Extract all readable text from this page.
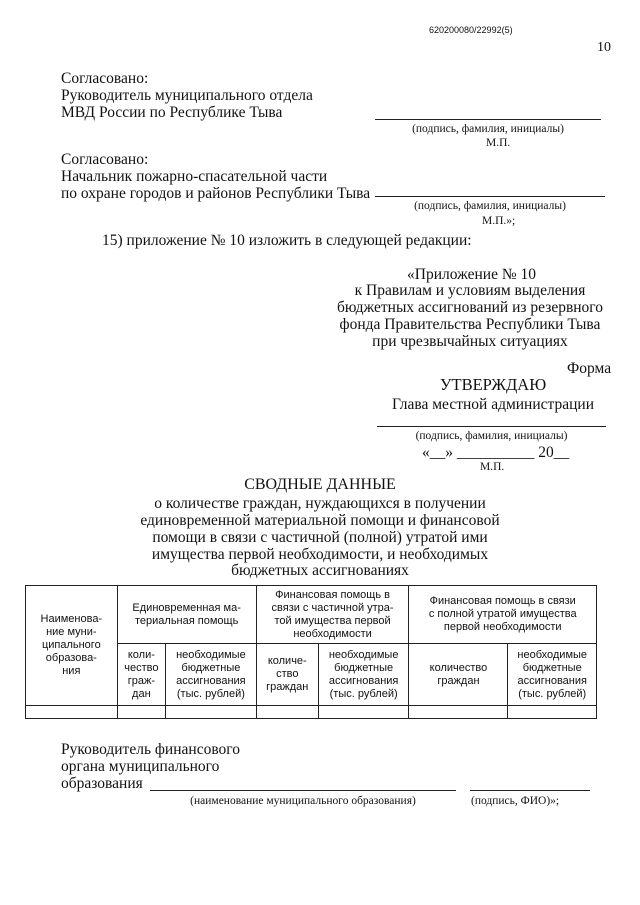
620200080/22992(5)
10
Согласовано:
Руководитель муниципального отдела
МВД России по Республике Тыва
(подпись, фамилия, инициалы)
М.П.
Согласовано:
Начальник пожарно-спасательной части
по охране городов и районов Республики Тыва
(подпись, фамилия, инициалы)
М.П.»;
15) приложение № 10 изложить в следующей редакции:
«Приложение № 10
к Правилам и условиям выделения
бюджетных ассигнований из резервного
фонда Правительства Республики Тыва
при чрезвычайных ситуациях
Форма
УТВЕРЖДАЮ
Глава местной администрации
(подпись, фамилия, инициалы)
«__» __________ 20__
М.П.
СВОДНЫЕ ДАННЫЕ
о количестве граждан, нуждающихся в получении
единовременной материальной помощи и финансовой
помощи в связи с частичной (полной) утратой ими
имущества первой необходимости, и необходимых
бюджетных ассигнованиях
Наименова-
ние муни-
ципального
образова-
ния	Единовременная ма-
териальная помощь		Финансовая помощь в
связи с частичной утра-
той имущества первой
необходимости		Финансовая помощь в связи
с полной утратой имущества
первой необходимости	
	коли-
чество
граж-
дан	необходимые
бюджетные
ассигнования
(тыс. рублей)	количе-
ство
граждан	необходимые
бюджетные
ассигнования
(тыс. рублей)	количество
граждан	необходимые
бюджетные
ассигнования
(тыс. рублей)

Руководитель финансового
органа муниципального
образования
(наименование муниципального образования)	(подпись, ФИО)»;
